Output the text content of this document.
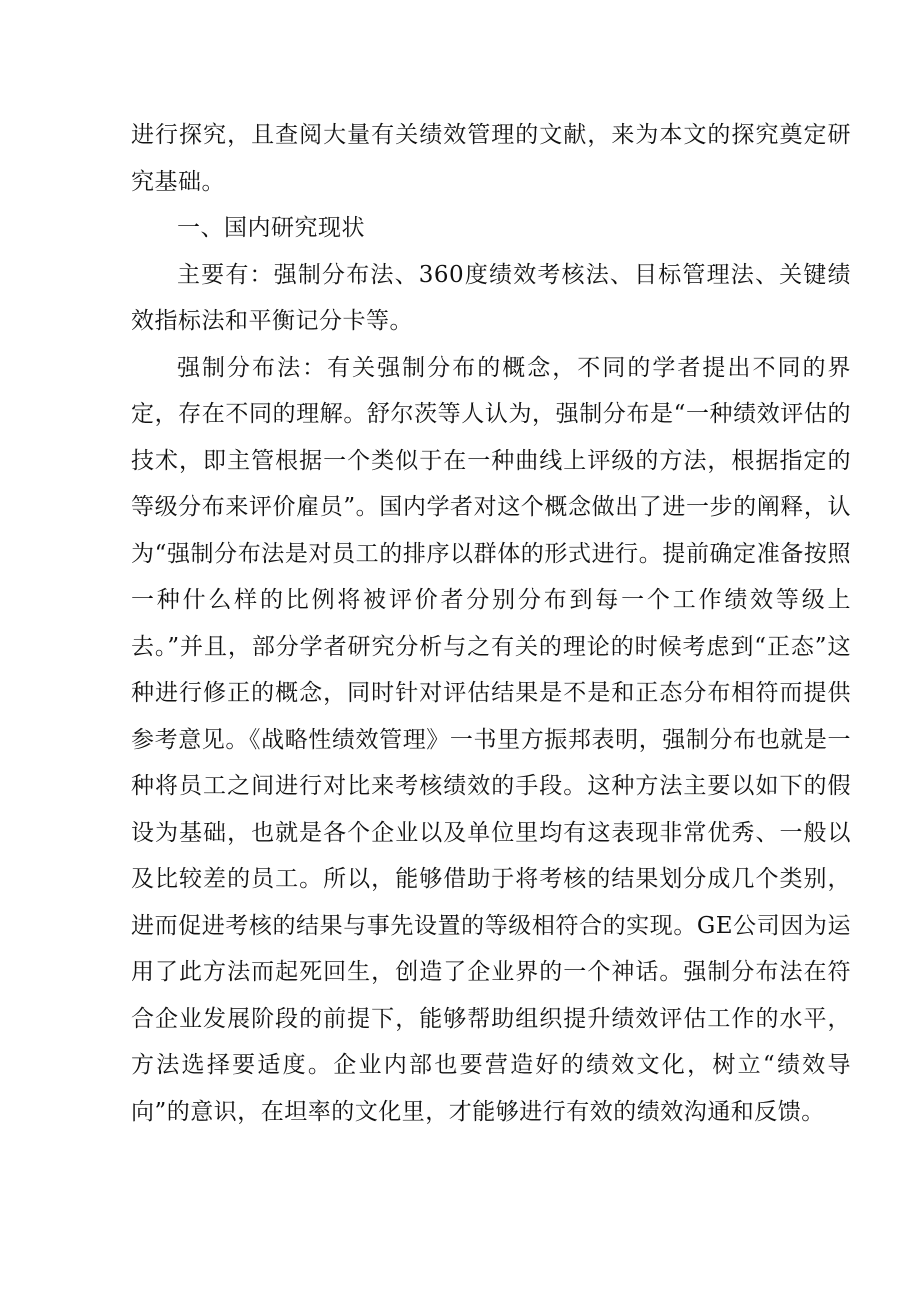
进行探究，且查阅大量有关绩效管理的文献，来为本文的探究奠定研究基础。

一、国内研究现状

主要有：强制分布法、360度绩效考核法、目标管理法、关键绩效指标法和平衡记分卡等。

强制分布法：有关强制分布的概念，不同的学者提出不同的界定，存在不同的理解。舒尔茨等人认为，强制分布是“一种绩效评估的技术，即主管根据一个类似于在一种曲线上评级的方法，根据指定的等级分布来评价雇员”。国内学者对这个概念做出了进一步的阐释，认为“强制分布法是对员工的排序以群体的形式进行。提前确定准备按照一种什么样的比例将被评价者分别分布到每一个工作绩效等级上去。”并且，部分学者研究分析与之有关的理论的时候考虑到“正态”这种进行修正的概念，同时针对评估结果是不是和正态分布相符而提供参考意见。《战略性绩效管理》一书里方振邦表明，强制分布也就是一种将员工之间进行对比来考核绩效的手段。这种方法主要以如下的假设为基础，也就是各个企业以及单位里均有这表现非常优秀、一般以及比较差的员工。所以，能够借助于将考核的结果划分成几个类别，进而促进考核的结果与事先设置的等级相符合的实现。GE公司因为运用了此方法而起死回生，创造了企业界的一个神话。强制分布法在符合企业发展阶段的前提下，能够帮助组织提升绩效评估工作的水平，方法选择要适度。企业内部也要营造好的绩效文化，树立“绩效导向”的意识，在坦率的文化里，才能够进行有效的绩效沟通和反馈。
